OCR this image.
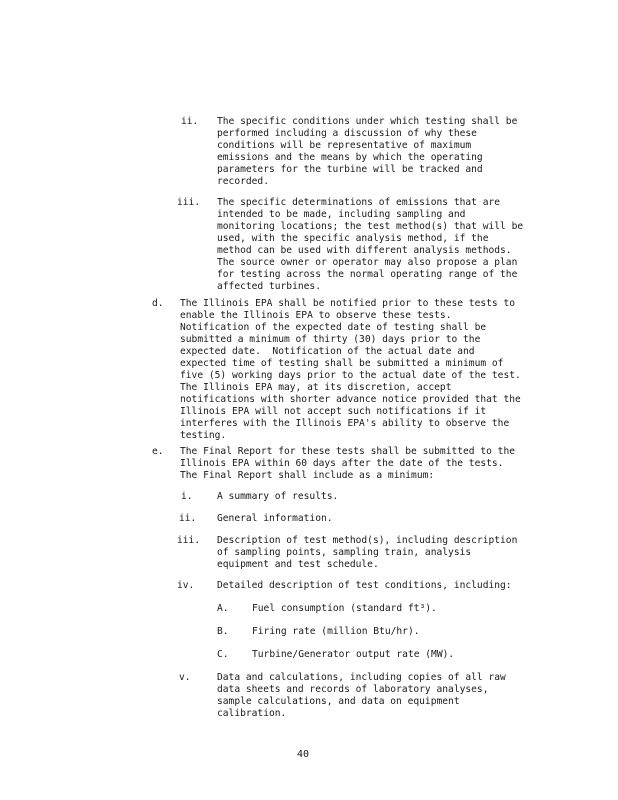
ii. The specific conditions under which testing shall be
performed including a discussion of why these
conditions will be representative of maximum
emissions and the means by which the operating
parameters for the turbine will be tracked and
recorded.
iii. The specific determinations of emissions that are
intended to be made, including sampling and
monitoring locations; the test method(s) that will be
used, with the specific analysis method, if the
method can be used with different analysis methods.
The source owner or operator may also propose a plan
for testing across the normal operating range of the
affected turbines.
d. The Illinois EPA shall be notified prior to these tests to
enable the Illinois EPA to observe these tests.
Notification of the expected date of testing shall be
submitted a minimum of thirty (30) days prior to the
expected date.  Notification of the actual date and
expected time of testing shall be submitted a minimum of
five (5) working days prior to the actual date of the test.
The Illinois EPA may, at its discretion, accept
notifications with shorter advance notice provided that the
Illinois EPA will not accept such notifications if it
interferes with the Illinois EPA's ability to observe the
testing.
e. The Final Report for these tests shall be submitted to the
Illinois EPA within 60 days after the date of the tests.
The Final Report shall include as a minimum:
i.	A summary of results.
ii. General information.
iii. Description of test method(s), including description
of sampling points, sampling train, analysis
equipment and test schedule.
iv. Detailed description of test conditions, including:
A. Fuel consumption (standard ft³).
B. Firing rate (million Btu/hr).
C. Turbine/Generator output rate (MW).
v.	Data and calculations, including copies of all raw
data sheets and records of laboratory analyses,
sample calculations, and data on equipment
calibration.
40
